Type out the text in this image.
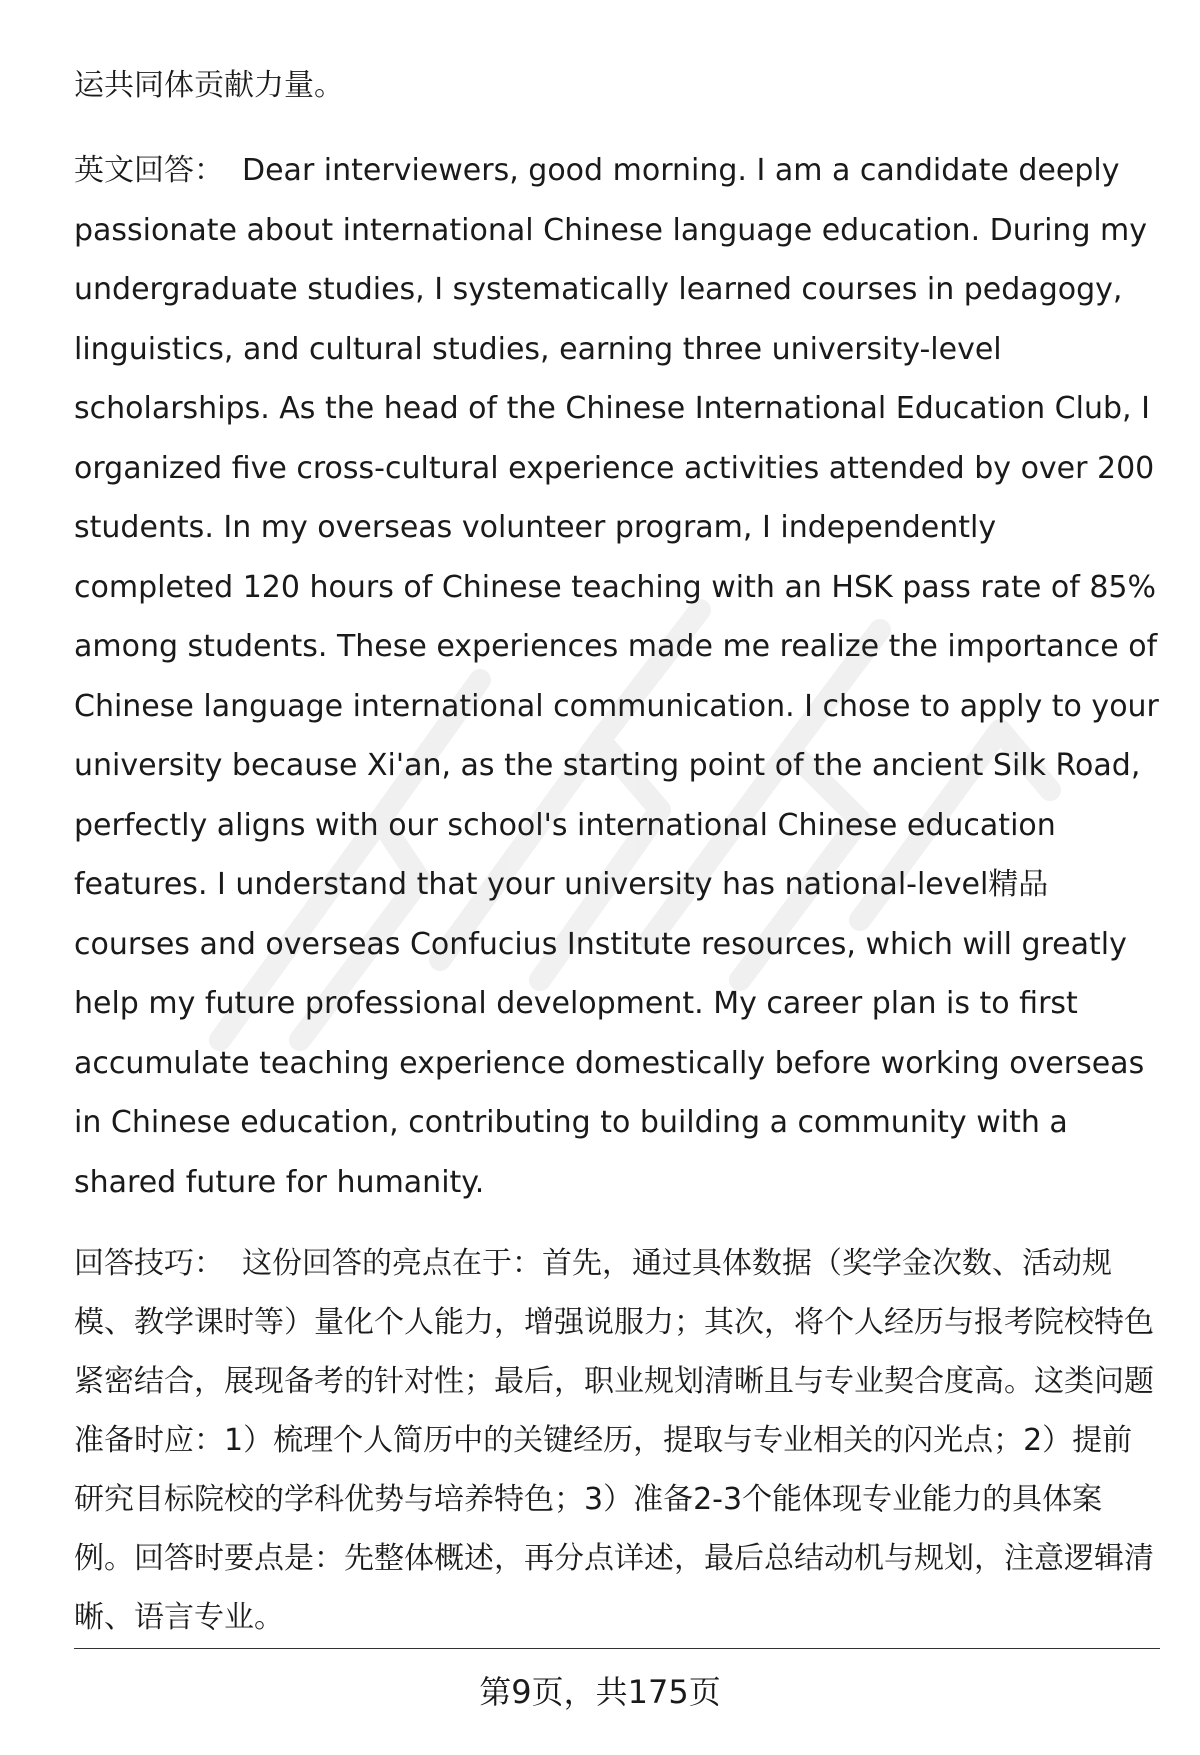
运共同体贡献力量。

英文回答： Dear interviewers, good morning. I am a candidate deeply passionate about international Chinese language education. During my undergraduate studies, I systematically learned courses in pedagogy, linguistics, and cultural studies, earning three university-level scholarships. As the head of the Chinese International Education Club, I organized five cross-cultural experience activities attended by over 200 students. In my overseas volunteer program, I independently completed 120 hours of Chinese teaching with an HSK pass rate of 85% among students. These experiences made me realize the importance of Chinese language international communication. I chose to apply to your university because Xi'an, as the starting point of the ancient Silk Road, perfectly aligns with our school's international Chinese education features. I understand that your university has national-level精品courses and overseas Confucius Institute resources, which will greatly help my future professional development. My career plan is to first accumulate teaching experience domestically before working overseas in Chinese education, contributing to building a community with a shared future for humanity.

回答技巧： 这份回答的亮点在于：首先，通过具体数据（奖学金次数、活动规模、教学课时等）量化个人能力，增强说服力；其次，将个人经历与报考院校特色紧密结合，展现备考的针对性；最后，职业规划清晰且与专业契合度高。这类问题准备时应：1）梳理个人简历中的关键经历，提取与专业相关的闪光点；2）提前研究目标院校的学科优势与培养特色；3）准备2-3个能体现专业能力的具体案例。回答时要点是：先整体概述，再分点详述，最后总结动机与规划，注意逻辑清晰、语言专业。

第9页，共175页
